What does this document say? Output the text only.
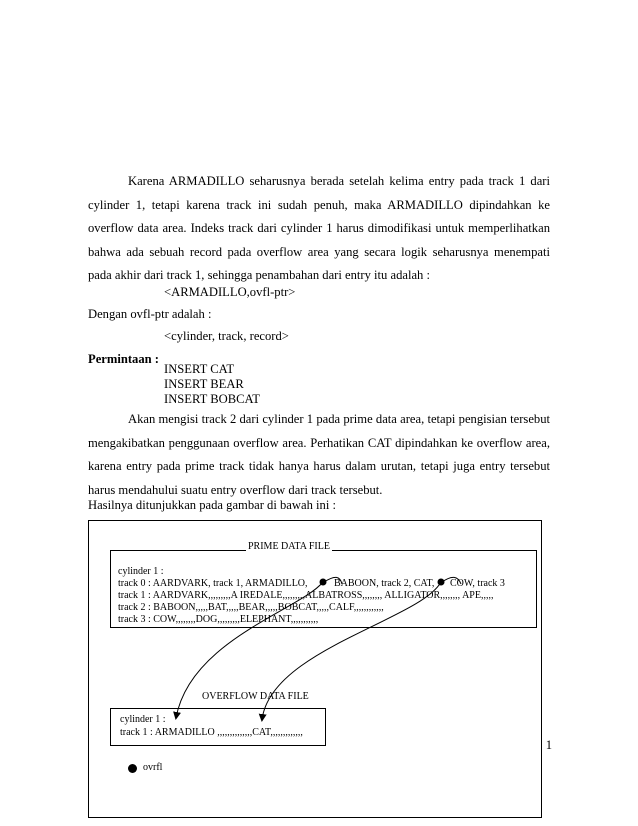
Karena ARMADILLO seharusnya berada setelah kelima entry pada track 1 dari cylinder 1, tetapi karena track ini sudah penuh, maka ARMADILLO dipindahkan ke overflow data area. Indeks track dari cylinder 1 harus dimodifikasi untuk memperlihatkan bahwa ada sebuah record pada overflow area yang secara logik seharusnya menempati pada akhir dari track 1, sehingga penambahan dari entry itu adalah :

<ARMADILLO,ovfl-ptr>
Dengan ovfl-ptr adalah :
<cylinder, track, record>
Permintaan :
INSERT CAT
INSERT BEAR
INSERT BOBCAT

Akan mengisi track 2 dari cylinder 1 pada prime data area, tetapi pengisian tersebut mengakibatkan penggunaan overflow area. Perhatikan CAT dipindahkan ke overflow area, karena entry pada prime track tidak hanya harus dalam urutan, tetapi juga entry tersebut harus mendahului suatu entry overflow dari track tersebut.

Hasilnya ditunjukkan pada gambar di bawah ini :
PRIME DATA FILE
cylinder 1 :
track 0 : AARDVARK, track 1, ARMADILLO,	BABOON, track 2, CAT, COW, track 3
track 1 : AARDVARK,,,,,,,,,A IREDALE,,,,,,,,,ALBATROSS,,,,,,,, ALLIGATOR,,,,,,,, APE,,,,,
track 2 : BABOON,,,,,BAT,,,,,BEAR,,,,,BOBCAT,,,,,CALF,,,,,,,,,,,,
track 3 : COW,,,,,,,,DOG,,,,,,,,,ELEPHANT,,,,,,,,,,,
OVERFLOW DATA FILE
cylinder 1 :
track 1 : ARMADILLO ,,,,,,,,,,,,,,CAT,,,,,,,,,,,,,
ovrfl
1
